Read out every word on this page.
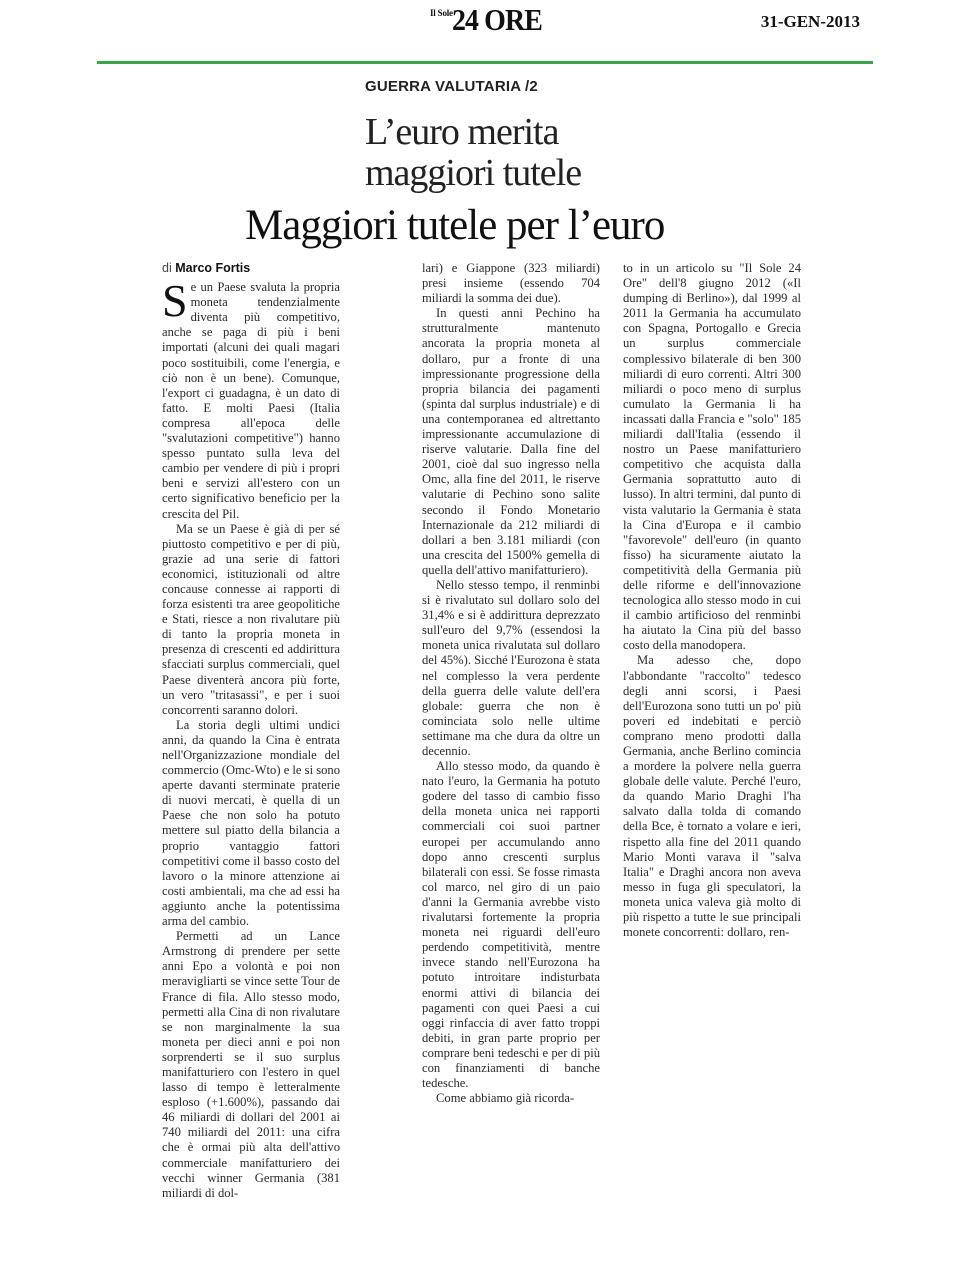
Il Sole 24 ORE	31-GEN-2013
GUERRA VALUTARIA /2
L’euro merita maggiori tutele
Maggiori tutele per l’euro
di Marco Fortis

Se un Paese svaluta la propria moneta tendenzialmente diventa più competitivo, anche se paga di più i beni importati (alcuni dei quali magari poco sostituibili, come l'energia, e ciò non è un bene). Comunque, l'export ci guadagna, è un dato di fatto. E molti Paesi (Italia compresa all'epoca delle "svalutazioni competitive") hanno spesso puntato sulla leva del cambio per vendere di più i propri beni e servizi all'estero con un certo significativo beneficio per la crescita del Pil.

Ma se un Paese è già di per sé piuttosto competitivo e per di più, grazie ad una serie di fattori economici, istituzionali od altre concause connesse ai rapporti di forza esistenti tra aree geopolitiche e Stati, riesce a non rivalutare più di tanto la propria moneta in presenza di crescenti ed addirittura sfacciati surplus commerciali, quel Paese diventerà ancora più forte, un vero "tritasassi", e per i suoi concorrenti saranno dolori.

La storia degli ultimi undici anni, da quando la Cina è entrata nell'Organizzazione mondiale del commercio (Omc-Wto) e le si sono aperte davanti sterminate praterie di nuovi mercati, è quella di un Paese che non solo ha potuto mettere sul piatto della bilancia a proprio vantaggio fattori competitivi come il basso costo del lavoro o la minore attenzione ai costi ambientali, ma che ad essi ha aggiunto anche la potentissima arma del cambio.

Permetti ad un Lance Armstrong di prendere per sette anni Epo a volontà e poi non meravigliarti se vince sette Tour de France di fila. Allo stesso modo, permetti alla Cina di non rivalutare se non marginalmente la sua moneta per dieci anni e poi non sorprenderti se il suo surplus manifatturiero con l'estero in quel lasso di tempo è letteralmente esploso (+1.600%), passando dai 46 miliardi di dollari del 2001 ai 740 miliardi del 2011: una cifra che è ormai più alta dell'attivo commerciale manifatturiero dei vecchi winner Germania (381 miliardi di dol-

lari) e Giappone (323 miliardi) presi insieme (essendo 704 miliardi la somma dei due).

In questi anni Pechino ha strutturalmente mantenuto ancorata la propria moneta al dollaro, pur a fronte di una impressionante progressione della propria bilancia dei pagamenti (spinta dal surplus industriale) e di una contemporanea ed altrettanto impressionante accumulazione di riserve valutarie. Dalla fine del 2001, cioè dal suo ingresso nella Omc, alla fine del 2011, le riserve valutarie di Pechino sono salite secondo il Fondo Monetario Internazionale da 212 miliardi di dollari a ben 3.181 miliardi (con una crescita del 1500% gemella di quella dell'attivo manifatturiero).

Nello stesso tempo, il renminbi si è rivalutato sul dollaro solo del 31,4% e si è addirittura deprezzato sull'euro del 9,7% (essendosi la moneta unica rivalutata sul dollaro del 45%). Sicché l'Eurozona è stata nel complesso la vera perdente della guerra delle valute dell'era globale: guerra che non è cominciata solo nelle ultime settimane ma che dura da oltre un decennio.

Allo stesso modo, da quando è nato l'euro, la Germania ha potuto godere del tasso di cambio fisso della moneta unica nei rapporti commerciali coi suoi partner europei per accumulando anno dopo anno crescenti surplus bilaterali con essi. Se fosse rimasta col marco, nel giro di un paio d'anni la Germania avrebbe visto rivalutarsi fortemente la propria moneta nei riguardi dell'euro perdendo competitività, mentre invece stando nell'Eurozona ha potuto introitare indisturbata enormi attivi di bilancia dei pagamenti con quei Paesi a cui oggi rinfaccia di aver fatto troppi debiti, in gran parte proprio per comprare beni tedeschi e per di più con finanziamenti di banche tedesche.

Come abbiamo già ricorda-

to in un articolo su "Il Sole 24 Ore" dell'8 giugno 2012 («Il dumping di Berlino»), dal 1999 al 2011 la Germania ha accumulato con Spagna, Portogallo e Grecia un surplus commerciale complessivo bilaterale di ben 300 miliardi di euro correnti. Altri 300 miliardi o poco meno di surplus cumulato la Germania li ha incassati dalla Francia e "solo" 185 miliardi dall'Italia (essendo il nostro un Paese manifatturiero competitivo che acquista dalla Germania soprattutto auto di lusso). In altri termini, dal punto di vista valutario la Germania è stata la Cina d'Europa e il cambio "favorevole" dell'euro (in quanto fisso) ha sicuramente aiutato la competitività della Germania più delle riforme e dell'innovazione tecnologica allo stesso modo in cui il cambio artificioso del renminbi ha aiutato la Cina più del basso costo della manodopera.

Ma adesso che, dopo l'abbondante "raccolto" tedesco degli anni scorsi, i Paesi dell'Eurozona sono tutti un po' più poveri ed indebitati e perciò comprano meno prodotti dalla Germania, anche Berlino comincia a mordere la polvere nella guerra globale delle valute. Perché l'euro, da quando Mario Draghi l'ha salvato dalla tolda di comando della Bce, è tornato a volare e ieri, rispetto alla fine del 2011 quando Mario Monti varava il "salva Italia" e Draghi ancora non aveva messo in fuga gli speculatori, la moneta unica valeva già molto di più rispetto a tutte le sue principali monete concorrenti: dollaro, ren-
